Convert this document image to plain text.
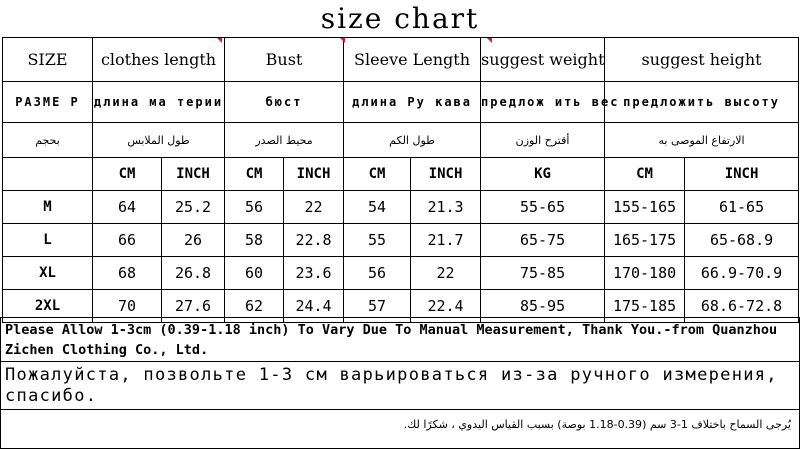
size chart
SIZE	clothes length		Bust		Sleeve Length		suggest weight	suggest height	
РАЗМЕ Р	длина ма терии		бюст		длина Ру кава		предлож ить вес	предложить высоту	
بحجم	طول الملابس		محيط الصدر		طول الكم		أقترح الوزن	الارتفاع الموصى به	
	CM	INCH	CM	INCH	CM	INCH	KG	CM	INCH
M	64	25.2	56	22	54	21.3	55-65	155-165	61-65
L	66	26	58	22.8	55	21.7	65-75	165-175	65-68.9
XL	68	26.8	60	23.6	56	22	75-85	170-180	66.9-70.9
2XL	70	27.6	62	24.4	57	22.4	85-95	175-185	68.6-72.8
Please Allow 1-3cm (0.39-1.18 inch) To Vary Due To Manual Measurement, Thank You.-from Quanzhou Zichen Clothing Co., Ltd.
Пожалуйста, позвольте 1-3 см варьироваться из-за ручного измерения, спасибо.
يُرجى السماح باختلاف 1-3 سم (0.39-1.18 بوصة) بسبب القياس اليدوي ، شكرًا لك.
